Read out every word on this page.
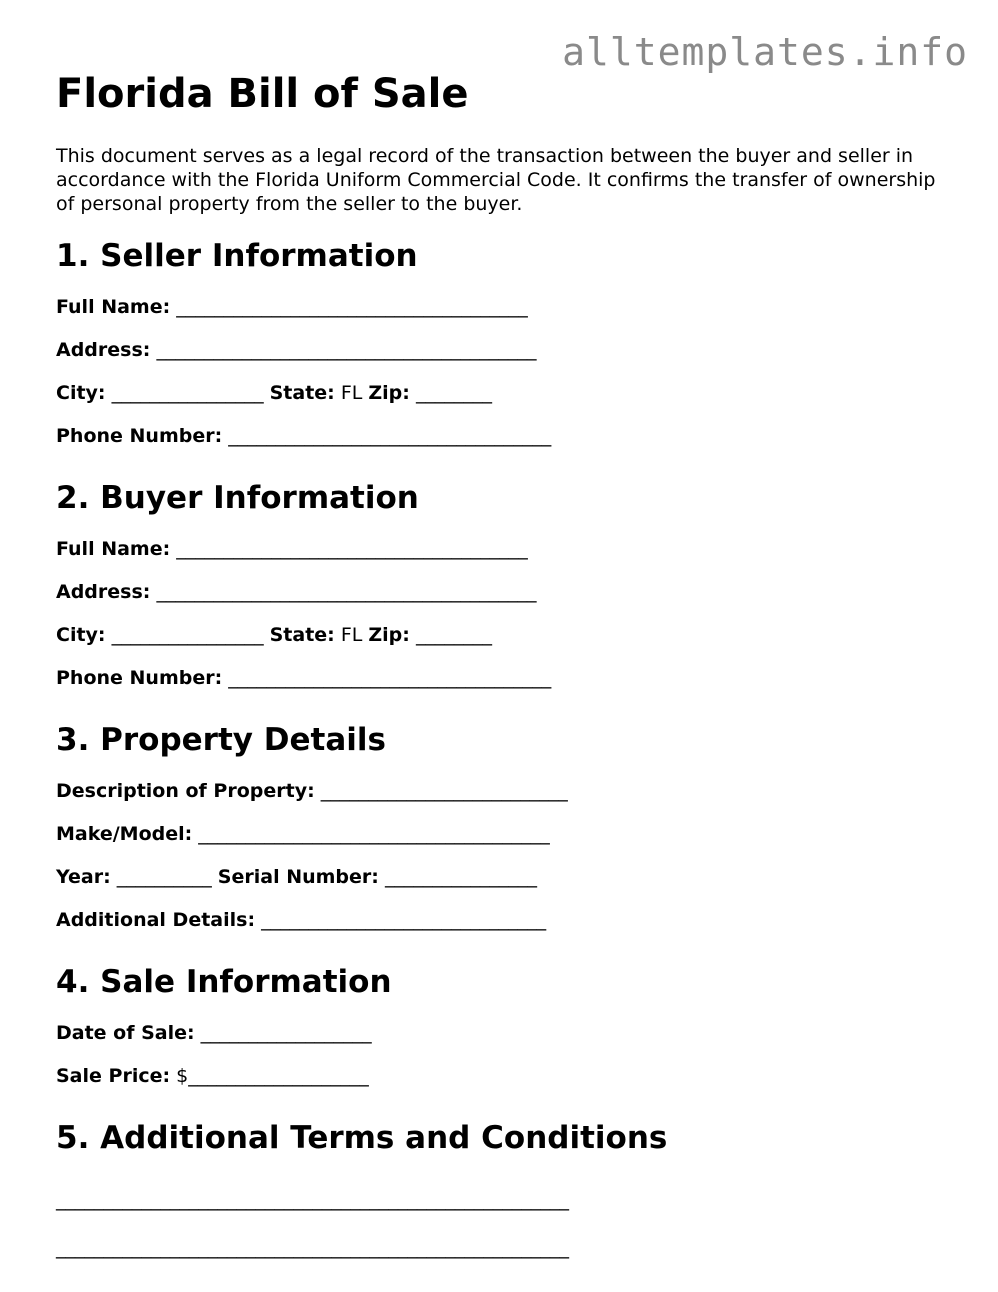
alltemplates.info
Florida Bill of Sale

This document serves as a legal record of the transaction between the buyer and seller in accordance with the Florida Uniform Commercial Code. It confirms the transfer of ownership of personal property from the seller to the buyer.

1. Seller Information
Full Name: _____________________________________
Address: ________________________________________
City: ________________ State: FL Zip: ________
Phone Number: __________________________________
2. Buyer Information
Full Name: _____________________________________
Address: ________________________________________
City: ________________ State: FL Zip: ________
Phone Number: __________________________________
3. Property Details
Description of Property: __________________________
Make/Model: _____________________________________
Year: __________ Serial Number: ________________
Additional Details: ______________________________
4. Sale Information
Date of Sale: __________________
Sale Price: $___________________
5. Additional Terms and Conditions
______________________________________________________
______________________________________________________
